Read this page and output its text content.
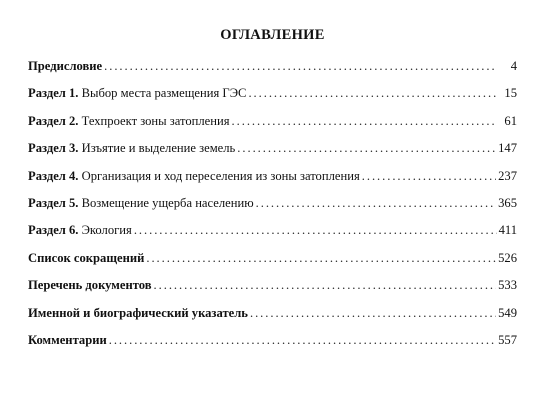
ОГЛАВЛЕНИЕ
Предисловие . . .	4
Раздел 1. Выбор места размещения ГЭС . . .	15
Раздел 2. Техпроект зоны затопления . . .	61
Раздел 3. Изъятие и выделение земель . . .	147
Раздел 4. Организация и ход переселения из зоны затопления . . .	237
Раздел 5. Возмещение ущерба населению . . .	365
Раздел 6. Экология . . .	411
Список сокращений . . .	526
Перечень документов . . .	533
Именной и биографический указатель . . .	549
Комментарии . . .	557
